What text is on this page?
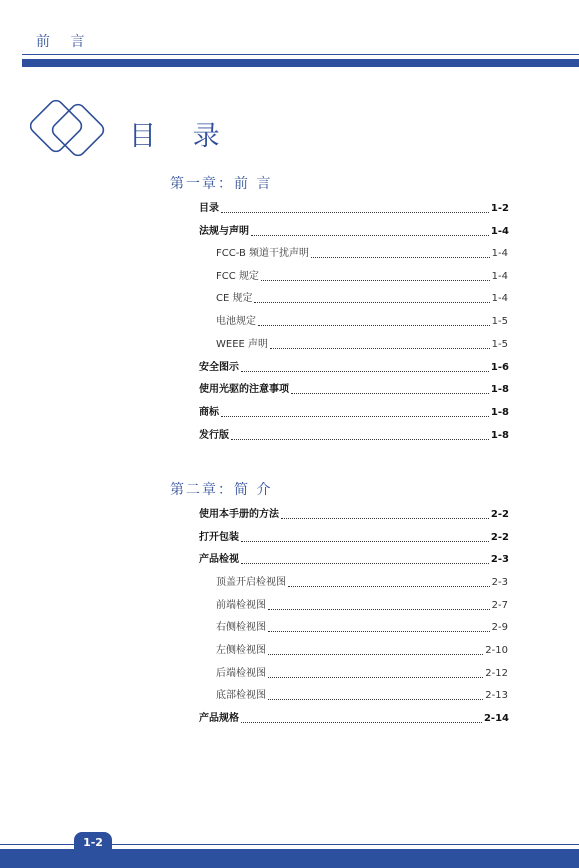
前 言
目 录
第一章：前 言
目录	1-2
法规与声明	1-4
FCC-B 频道干扰声明	1-4
FCC 规定	1-4
CE 规定	1-4
电池规定	1-5
WEEE 声明	1-5
安全图示	1-6
使用光驱的注意事项	1-8
商标	1-8
发行版	1-8
第二章：简 介
使用本手册的方法	2-2
打开包装	2-2
产品检视	2-3
顶盖开启检视图	2-3
前端检视图	2-7
右侧检视图	2-9
左侧检视图	2-10
后端检视图	2-12
底部检视图	2-13
产品规格	2-14
1-2
